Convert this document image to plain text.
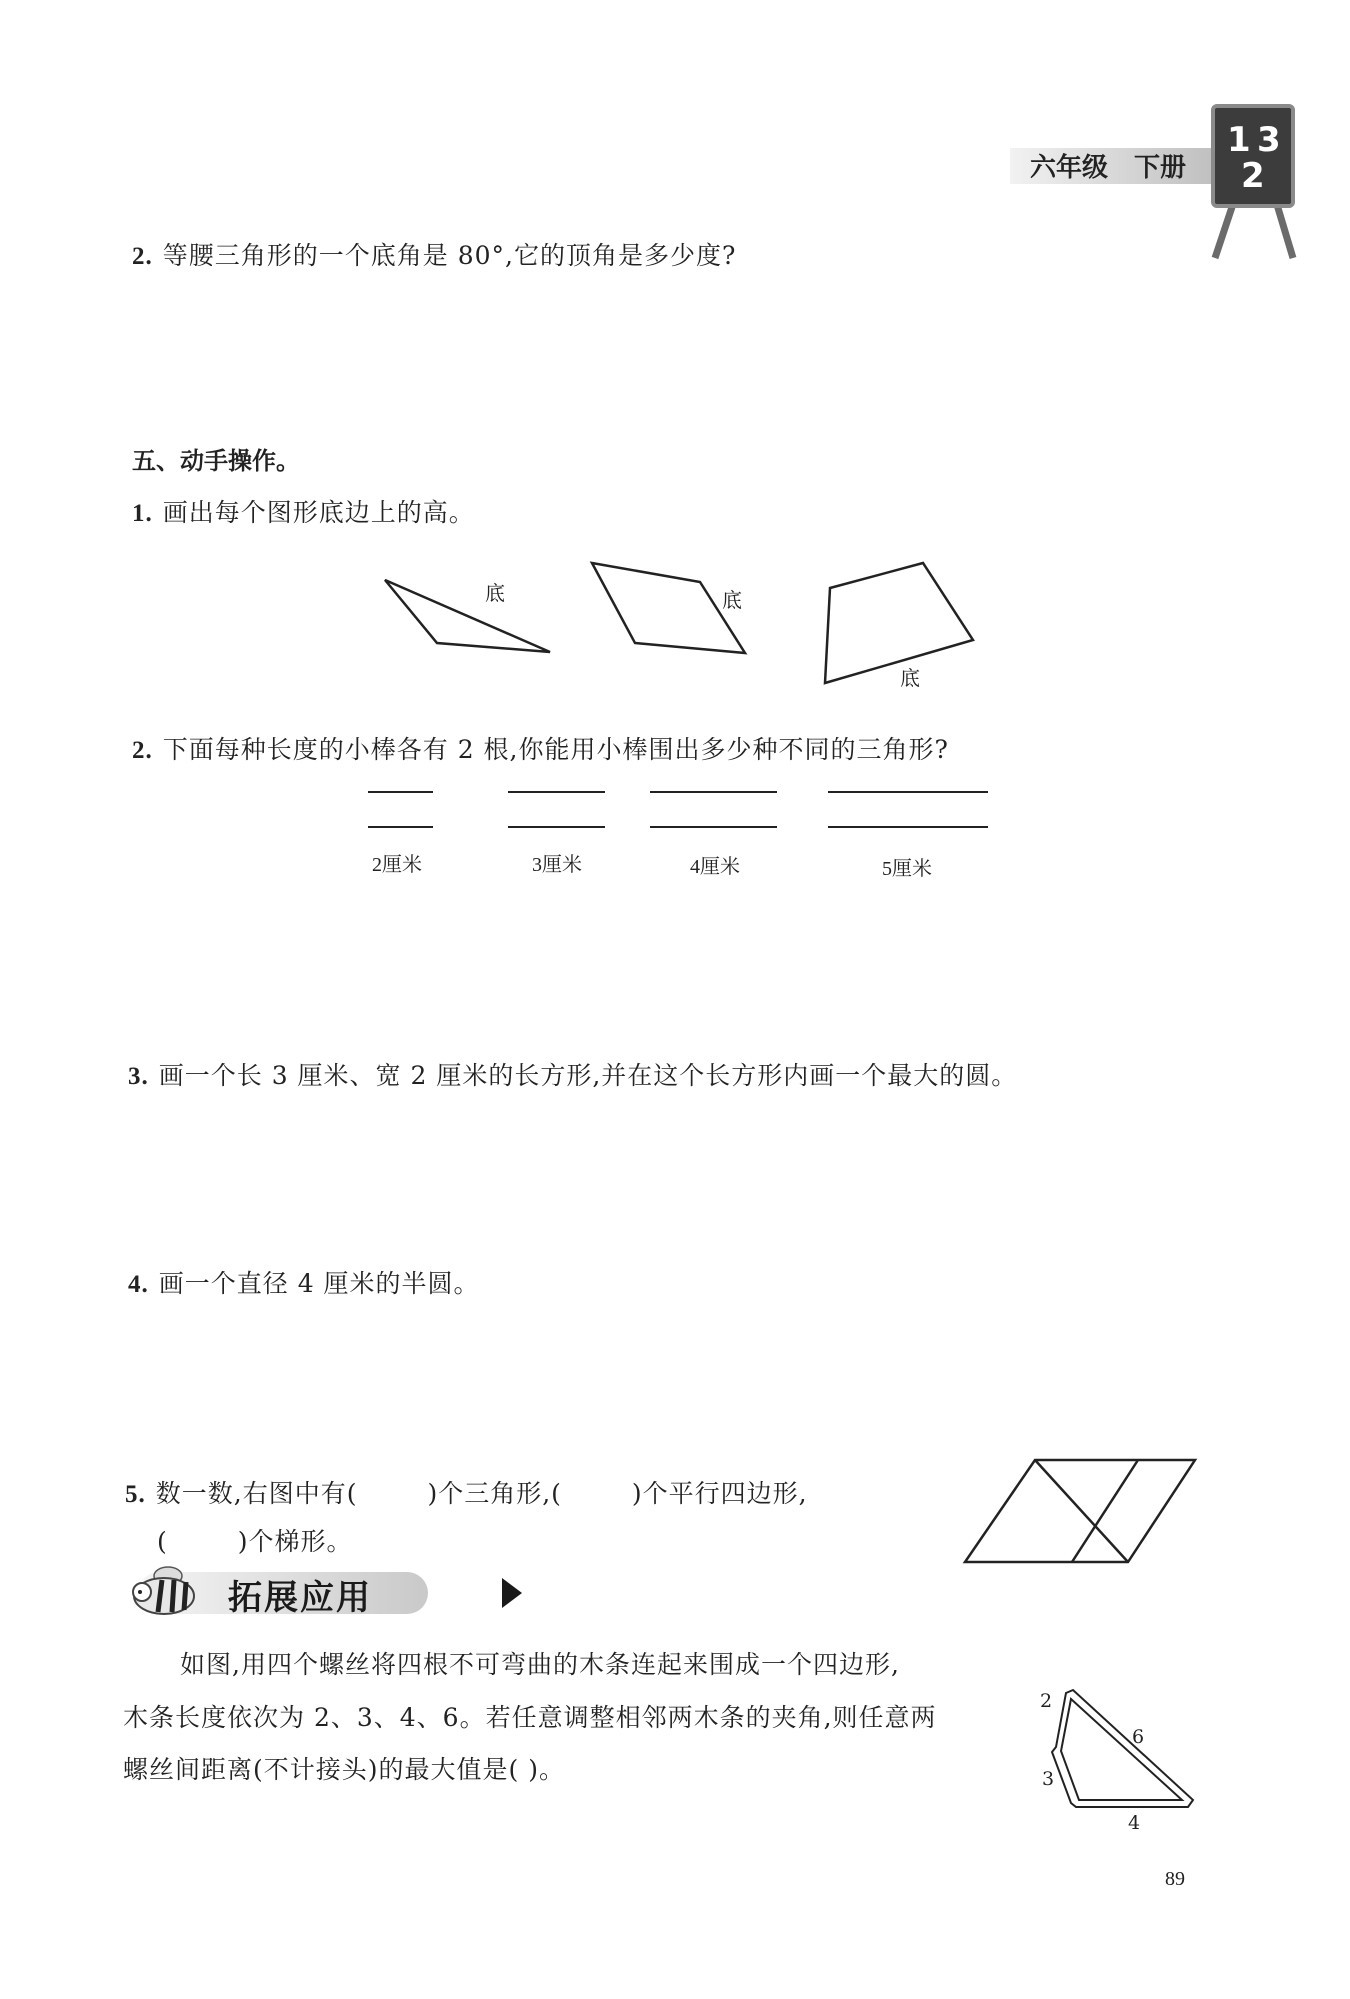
六年级 下册
1 3
2
2. 等腰三角形的一个底角是 80°,它的顶角是多少度?
五、动手操作。
1. 画出每个图形底边上的高。
底	底
底
2. 下面每种长度的小棒各有 2 根,你能用小棒围出多少种不同的三角形?
2厘米	3厘米	4厘米	5厘米
3. 画一个长 3 厘米、宽 2 厘米的长方形,并在这个长方形内画一个最大的圆。
4. 画一个直径 4 厘米的半圆。
5. 数一数,右图中有(	)个三角形,(	)个平行四边形,
(	)个梯形。
拓展应用
如图,用四个螺丝将四根不可弯曲的木条连起来围成一个四边形,
木条长度依次为 2、3、4、6。若任意调整相邻两木条的夹角,则任意两
螺丝间距离(不计接头)的最大值是( )。
2
6
3
4
89
